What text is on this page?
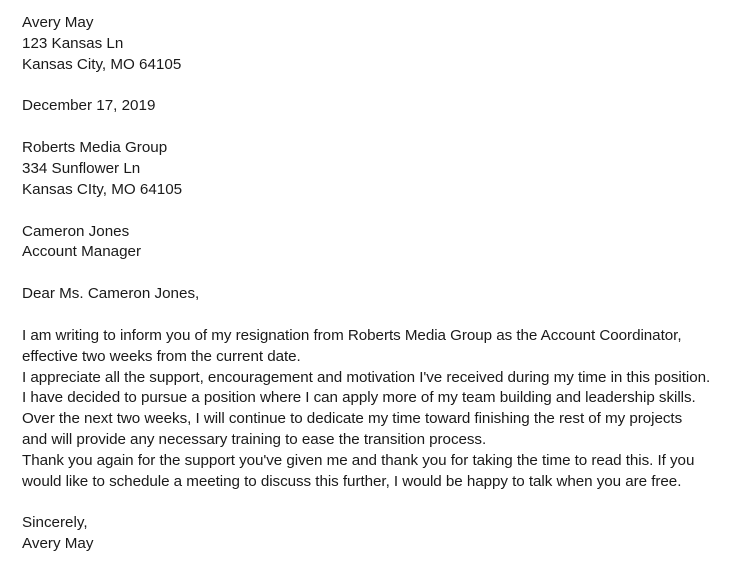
Avery May
123 Kansas Ln
Kansas City, MO 64105
December 17, 2019
Roberts Media Group
334 Sunflower Ln
Kansas CIty, MO 64105
Cameron Jones
Account Manager
Dear Ms. Cameron Jones,
I am writing to inform you of my resignation from Roberts Media Group as the Account Coordinator,
effective two weeks from the current date.
I appreciate all the support, encouragement and motivation I've received during my time in this position.
I have decided to pursue a position where I can apply more of my team building and leadership skills.
Over the next two weeks, I will continue to dedicate my time toward finishing the rest of my projects
and will provide any necessary training to ease the transition process.
Thank you again for the support you've given me and thank you for taking the time to read this. If you
would like to schedule a meeting to discuss this further, I would be happy to talk when you are free.
Sincerely,
Avery May
